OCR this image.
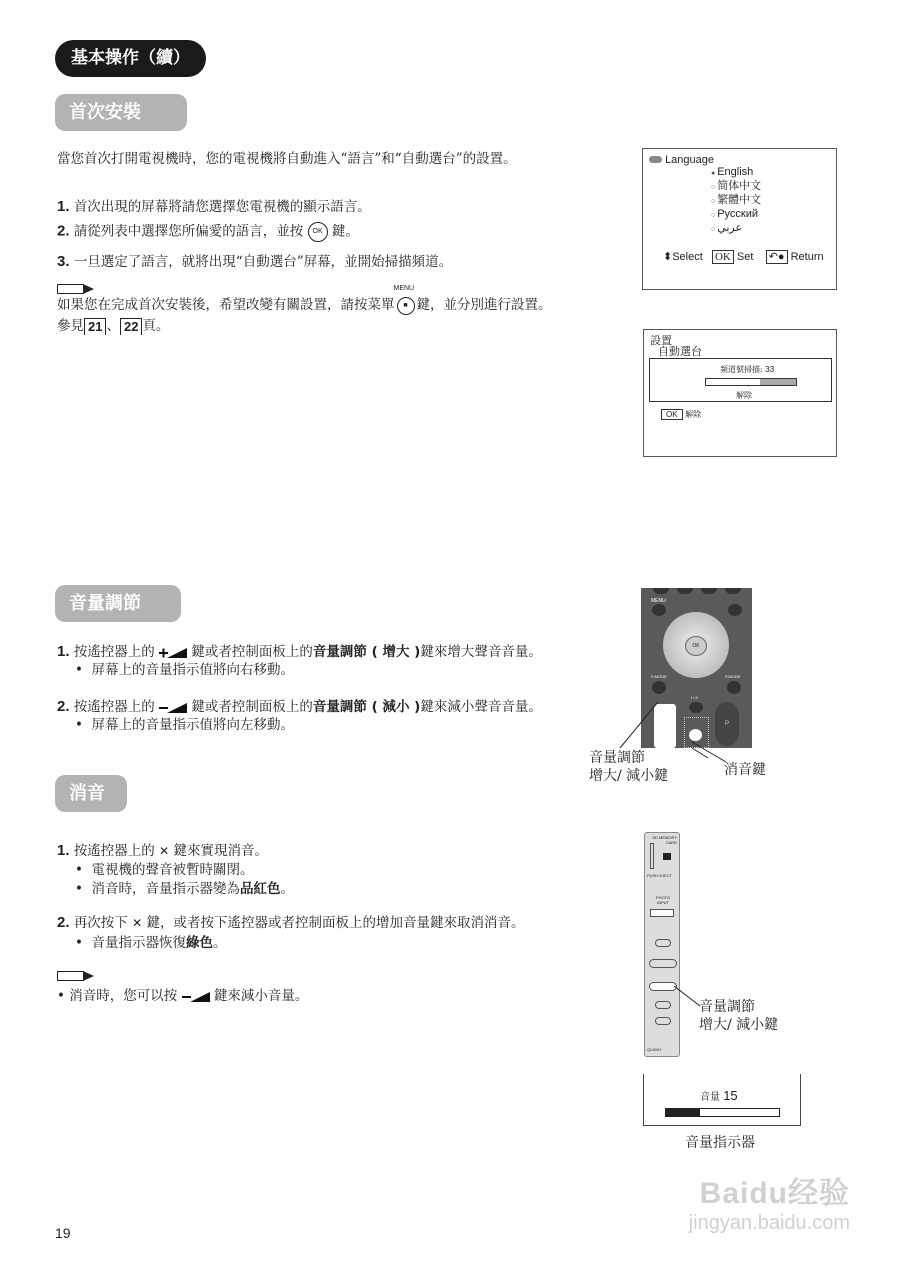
基本操作（續）
首次安裝
當您首次打開電視機時，您的電視機將自動進入“語言”和“自動選台”的設置。
1. 首次出現的屏幕將請您選擇您電視機的顯示語言。
2. 請從列表中選擇您所偏愛的語言，並按 OK 鍵。
3. 一旦選定了語言，就將出現“自動選台”屏幕，並開始掃描頻道。
如果您在完成首次安裝後，希望改變有關設置，請按菜單
MENU
■ 鍵，並分別進行設置。
參見 21 、 22 頁。
Language
● English
○ 简体中文
○ 繁體中文
○ Русский
○ عربي
⬍Select OK Set ↶● Return
設置
自動選台
頻道號掃描: 33
解除
OK 解除
音量調節
1. 按遙控器上的	鍵或者控制面板上的音量調節 ( 增大 )鍵來增大聲音音量。
•  屏幕上的音量指示值將向右移動。
2. 按遙控器上的	鍵或者控制面板上的音量調節 ( 減小 )鍵來減小聲音音量。
•  屏幕上的音量指示值將向左移動。
MENU
OK
S.MODE	P.MODE
I / II
P
音量調節
增大/ 減小鍵	消音鍵
消音
1. 按遙控器上的 ✕ 鍵來實現消音。
•  電視機的聲音被暫時關閉。
•  消音時，音量指示器變為品紅色。
2. 再次按下 ✕ 鍵，或者按下遙控器或者控制面板上的增加音量鍵來取消消音。
•  音量指示器恢復綠色。
• 消音時，您可以按	鍵來減小音量。
SD MEMORY CARD
PUSH-EJECT
PHOTO INPUT
QL6901
音量調節
增大/ 減小鍵
音量 15
音量指示器
19
Baidu经验
jingyan.baidu.com
